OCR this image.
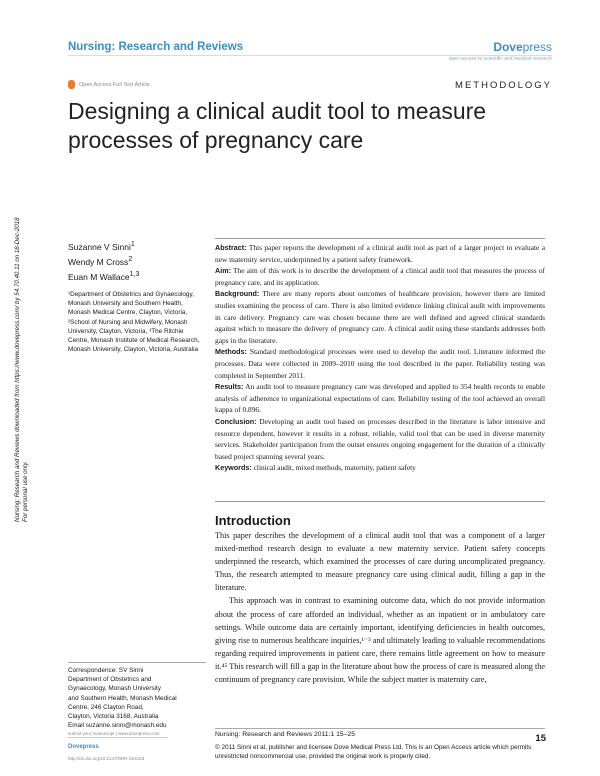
Nursing: Research and Reviews	Dovepress
open access to scientific and medical research
Open Access Full Text Article	METHODOLOGY
Designing a clinical audit tool to measure processes of pregnancy care
Nursing: Research and Reviews downloaded from https://www.dovepress.com/ by 54.70.40.11 on 18-Dec-2018
For personal use only.
Suzanne V Sinni$^1$
Wendy M Cross$^2$
Euan M Wallace$^{1,3}$
¹Department of Obstetrics and Gynaecology, Monash University and Southern Health, Monash Medical Centre, Clayton, Victoria, ²School of Nursing and Midwifery, Monash University, Clayton, Victoria, ³The Ritchie Centre, Monash Institute of Medical Research, Monash University, Clayton, Victoria, Australia

Abstract: This paper reports the development of a clinical audit tool as part of a larger project to evaluate a new maternity service, underpinned by a patient safety framework.

Aim: The aim of this work is to describe the development of a clinical audit tool that measures the process of pregnancy care, and its application.

Background: There are many reports about outcomes of healthcare provision, however there are limited studies examining the process of care. There is also limited evidence linking clinical audit with improvements in care delivery. Pregnancy care was chosen because there are well defined and agreed clinical standards against which to measure the delivery of pregnancy care. A clinical audit using these standards addresses both gaps in the literature.

Methods: Standard methodological processes were used to develop the audit tool. Literature informed the processes. Data were collected in 2009–2010 using the tool described in the paper. Reliability testing was completed in September 2011.

Results: An audit tool to measure pregnancy care was developed and applied to 354 health records to enable analysis of adherence to organizational expectations of care. Reliability testing of the tool achieved an overall kappa of 0.896.

Conclusion: Developing an audit tool based on processes described in the literature is labor intensive and resource dependent, however it results in a robust, reliable, valid tool that can be used in diverse maternity services. Stakeholder participation from the outset ensures ongoing engagement for the duration of a clinically based project spanning several years.

Keywords: clinical audit, mixed methods, maternity, patient safety

Introduction

This paper describes the development of a clinical audit tool that was a component of a larger mixed-method research design to evaluate a new maternity service. Patient safety concepts underpinned the research, which examined the processes of care during uncomplicated pregnancy. Thus, the research attempted to measure pregnancy care using clinical audit, filling a gap in the literature.

This approach was in contrast to examining outcome data, which do not provide information about the process of care afforded an individual, whether as an inpatient or in ambulatory care settings. While outcome data are certainly important, identifying deficiencies in health outcomes, giving rise to numerous healthcare inquiries,¹⁻³ and ultimately leading to valuable recommendations regarding required improvements in patient care, there remains little agreement on how to measure it.⁴⁵ This research will fill a gap in the literature about how the process of care is measured along the continuum of pregnancy care provision. While the subject matter is maternity care,

Correspondence: SV Sinni
Department of Obstetrics and
Gynaecology, Monash University
and Southern Health, Monash Medical
Centre, 246 Clayton Road,
Clayton, Victoria 3168, Australia
Email suzanne.sinni@monash.edu
submit your manuscript | www.dovepress.com
Dovepress
http://dx.doi.org/10.2147/NRR.S24163
Nursing: Research and Reviews 2011:1 15–25	15
© 2011 Sinni et al, publisher and licensee Dove Medical Press Ltd. This is an Open Access article which permits unrestricted noncommercial use, provided the original work is properly cited.
